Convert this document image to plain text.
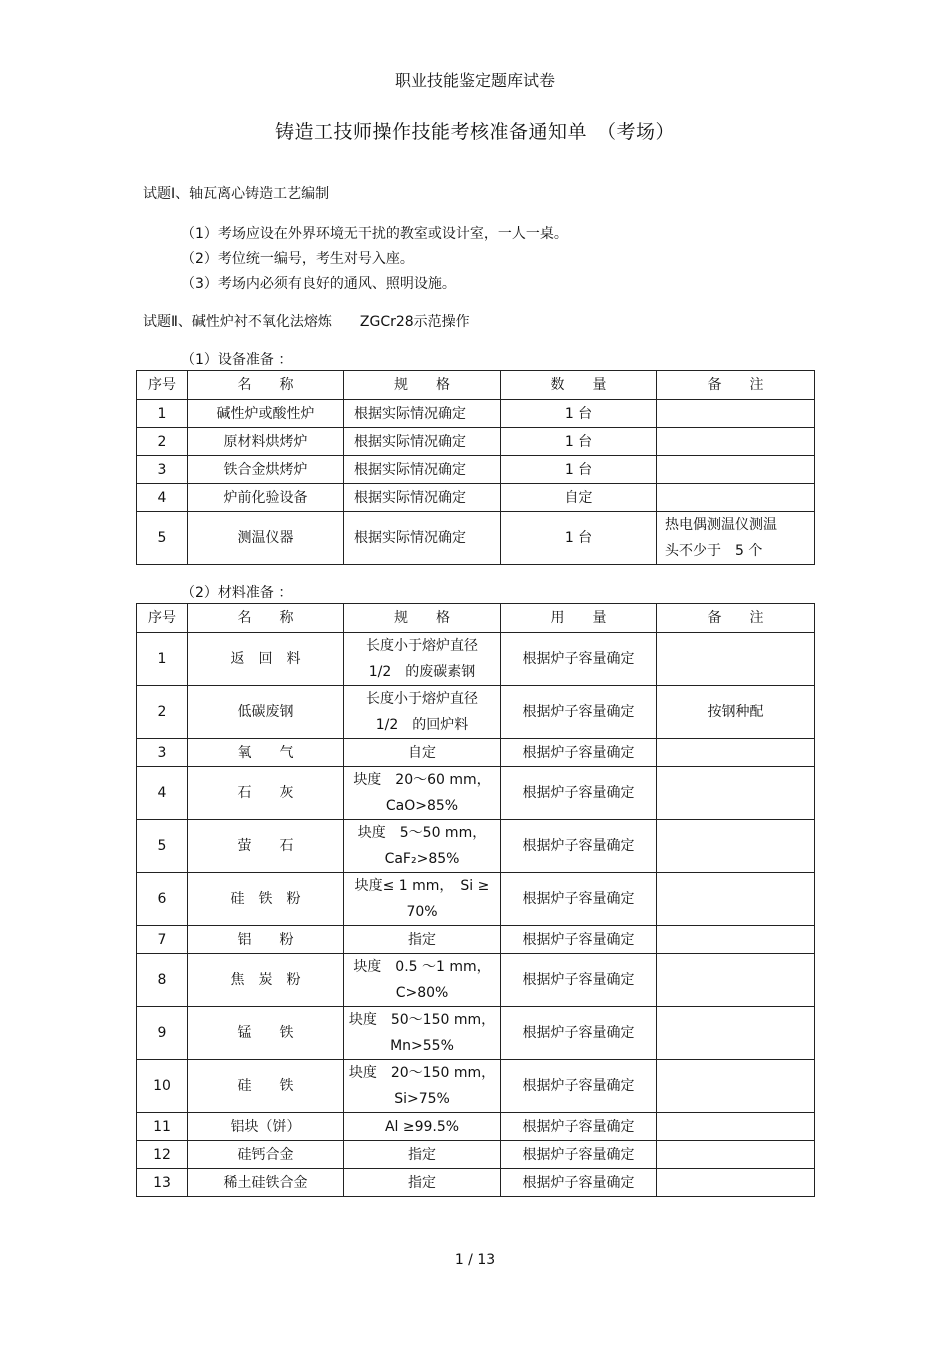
职业技能鉴定题库试卷
铸造工技师操作技能考核准备通知单　（考场）
试题Ⅰ、轴瓦离心铸造工艺编制
（1）考场应设在外界环境无干扰的教室或设计室，一人一桌。
（2）考位统一编号，考生对号入座。
（3）考场内必须有良好的通风、照明设施。
试题Ⅱ、碱性炉衬不氧化法熔炼　　ZGCr28示范操作
（1）设备准备 ：
序号	名　　称	规　　格	数　　量	备　　注
1	碱性炉或酸性炉	根据实际情况确定	1 台	
2	原材料烘烤炉	根据实际情况确定	1 台	
3	铁合金烘烤炉	根据实际情况确定	1 台	
4	炉前化验设备	根据实际情况确定	自定	
5	测温仪器	根据实际情况确定	1 台	热电偶测温仪测温
头不少于　5 个
（2）材料准备 ：
序号	名　　称	规　　格	用　　量	备　　注
1	返　回　料	长度小于熔炉直径
1/2　的废碳素钢	根据炉子容量确定	
2	低碳废钢	长度小于熔炉直径
1/2　的回炉料	根据炉子容量确定	按钢种配
3	氧　　气	自定	根据炉子容量确定	
4	石　　灰	块度　20～60 mm，
CaO>85%	根据炉子容量确定	
5	萤　　石	块度　5～50 mm，
CaF₂>85%	根据炉子容量确定	
6	硅　铁　粉	块度≤ 1 mm，　Si ≥
70%	根据炉子容量确定	
7	铝　　粉	指定	根据炉子容量确定	
8	焦　炭　粉	块度　0.5 ～1 mm，
C>80%	根据炉子容量确定	
9	锰　　铁	块度　50～150 mm，
Mn>55%	根据炉子容量确定	
10	硅　　铁	块度　20～150 mm，
Si>75%	根据炉子容量确定	
11	铝块（饼）	Al ≥99.5%	根据炉子容量确定	
12	硅钙合金	指定	根据炉子容量确定	
13	稀土硅铁合金	指定	根据炉子容量确定	
1 / 13
